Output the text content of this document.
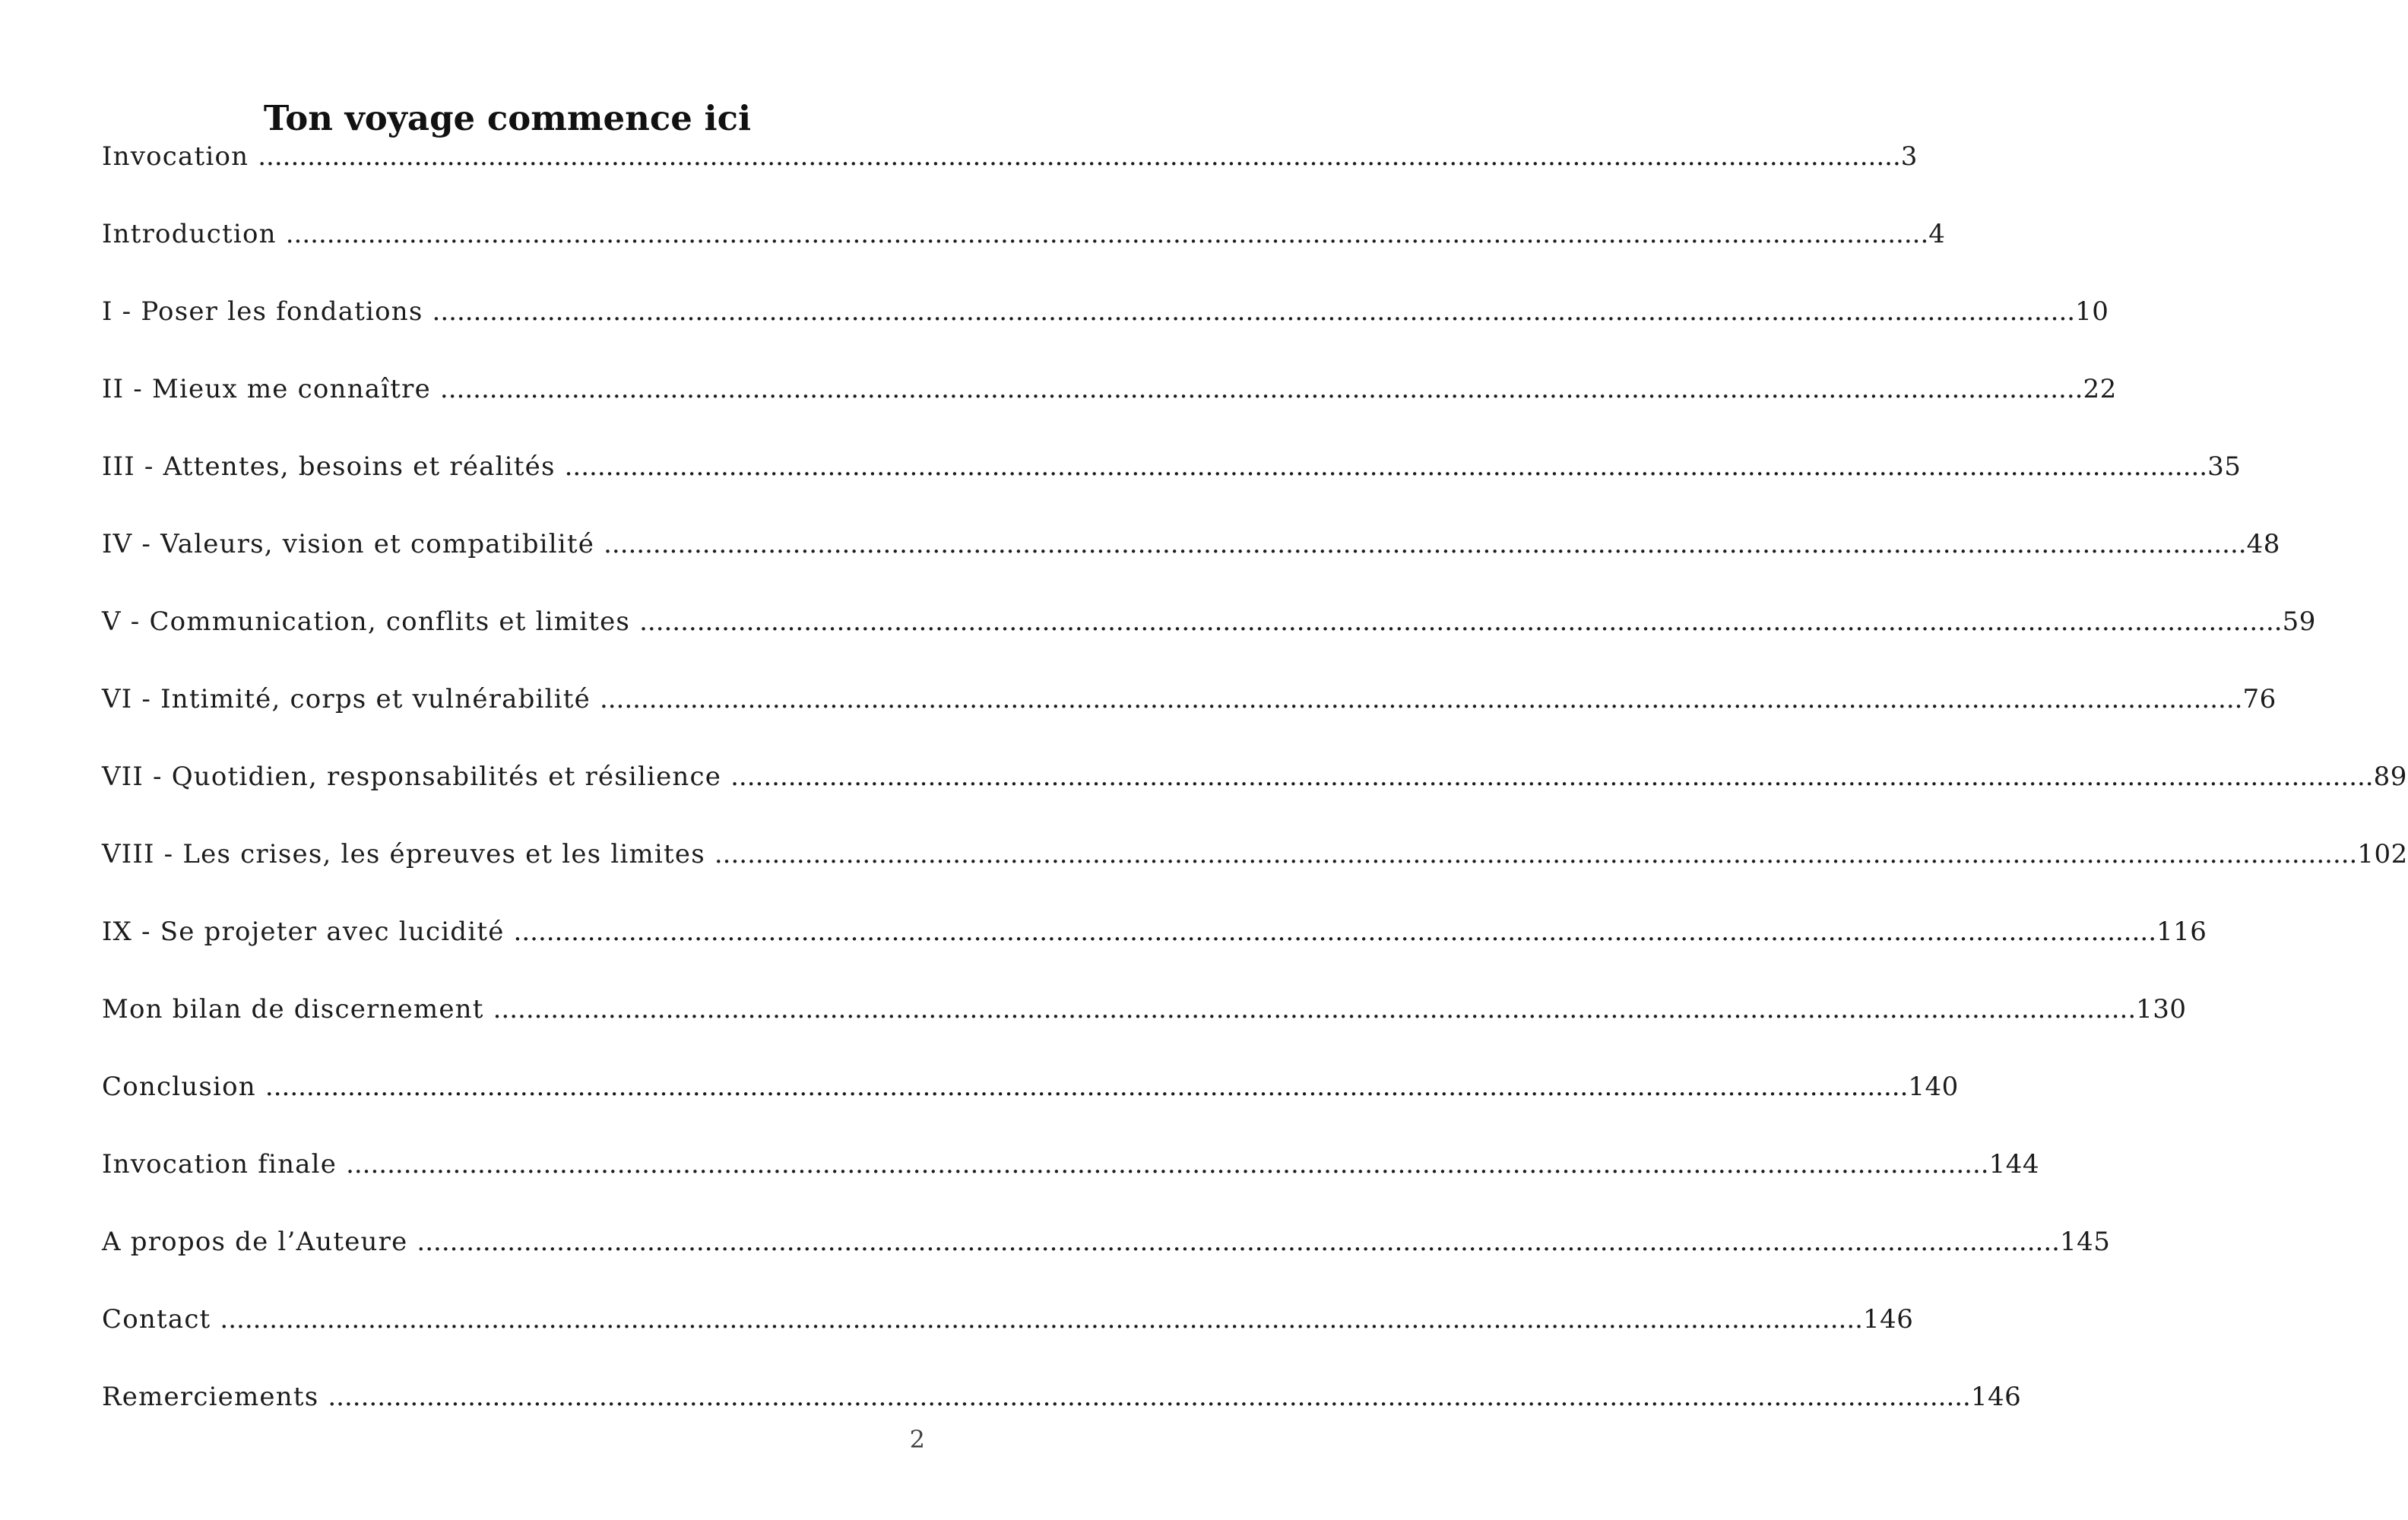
Ton voyage commence ici
Invocation ........................................................................................................................................................................................................ 3
Introduction ........................................................................................................................................................................................................ 4
I - Poser les fondations ........................................................................................................................................................................................................ 10
II - Mieux me connaître ........................................................................................................................................................................................................ 22
III - Attentes, besoins et réalités ........................................................................................................................................................................................................ 35
IV - Valeurs, vision et compatibilité ........................................................................................................................................................................................................ 48
V - Communication, conflits et limites ........................................................................................................................................................................................................ 59
VI - Intimité, corps et vulnérabilité ........................................................................................................................................................................................................ 76
VII - Quotidien, responsabilités et résilience ........................................................................................................................................................................................................ 89
VIII - Les crises, les épreuves et les limites ........................................................................................................................................................................................................ 102
IX - Se projeter avec lucidité ........................................................................................................................................................................................................ 116
Mon bilan de discernement ........................................................................................................................................................................................................ 130
Conclusion ........................................................................................................................................................................................................ 140
Invocation finale ........................................................................................................................................................................................................ 144
A propos de l’Auteure ........................................................................................................................................................................................................ 145
Contact ........................................................................................................................................................................................................ 146
Remerciements ........................................................................................................................................................................................................ 146
2
